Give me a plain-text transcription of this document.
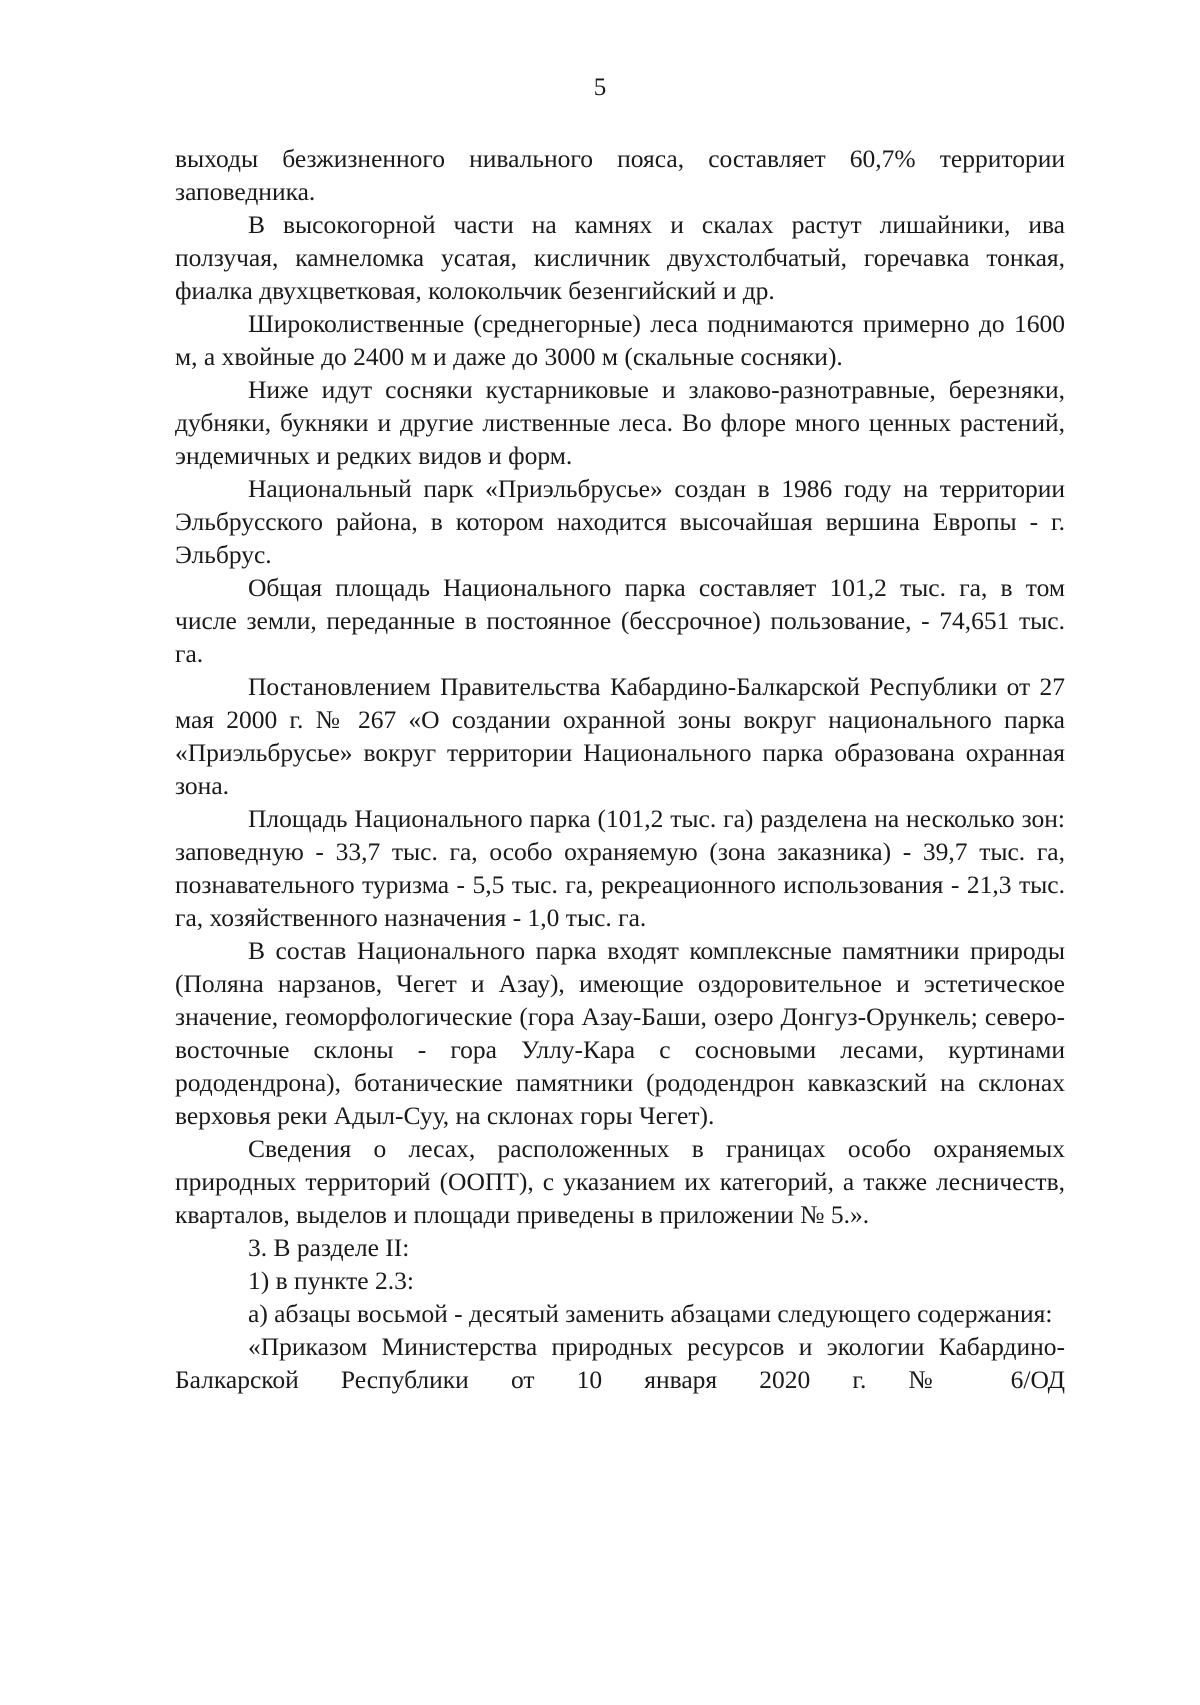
5

выходы безжизненного нивального пояса, составляет 60,7% территории заповедника.

В высокогорной части на камнях и скалах растут лишайники, ива ползучая, камнеломка усатая, кисличник двухстолбчатый, горечавка тонкая, фиалка двухцветковая, колокольчик безенгийский и др.

Широколиственные (среднегорные) леса поднимаются примерно до 1600 м, а хвойные до 2400 м и даже до 3000 м (скальные сосняки).

Ниже идут сосняки кустарниковые и злаково-разнотравные, березняки, дубняки, букняки и другие лиственные леса. Во флоре много ценных растений, эндемичных и редких видов и форм.

Национальный парк «Приэльбрусье» создан в 1986 году на территории Эльбрусского района, в котором находится высочайшая вершина Европы - г. Эльбрус.

Общая площадь Национального парка составляет 101,2 тыс. га, в том числе земли, переданные в постоянное (бессрочное) пользование, - 74,651 тыс. га.

Постановлением Правительства Кабардино-Балкарской Республики от 27 мая 2000 г. № 267 «О создании охранной зоны вокруг национального парка «Приэльбрусье» вокруг территории Национального парка образована охранная зона.

Площадь Национального парка (101,2 тыс. га) разделена на несколько зон: заповедную - 33,7 тыс. га, особо охраняемую (зона заказника) - 39,7 тыс. га, познавательного туризма - 5,5 тыс. га, рекреационного использования - 21,3 тыс. га, хозяйственного назначения - 1,0 тыс. га.

В состав Национального парка входят комплексные памятники природы (Поляна нарзанов, Чегет и Азау), имеющие оздоровительное и эстетическое значение, геоморфологические (гора Азау-Баши, озеро Донгуз-Орункель; северо-восточные склоны - гора Уллу-Кара с сосновыми лесами, куртинами рододендрона), ботанические памятники (рододендрон кавказский на склонах верховья реки Адыл-Суу, на склонах горы Чегет).

Сведения о лесах, расположенных в границах особо охраняемых природных территорий (ООПТ), с указанием их категорий, а также лесничеств, кварталов, выделов и площади приведены в приложении № 5.».

3. В разделе II:

1) в пункте 2.3:

а) абзацы восьмой - десятый заменить абзацами следующего содержания:

«Приказом Министерства природных ресурсов и экологии Кабардино-Балкарской Республики от 10 января 2020 г. № 6/ОД
